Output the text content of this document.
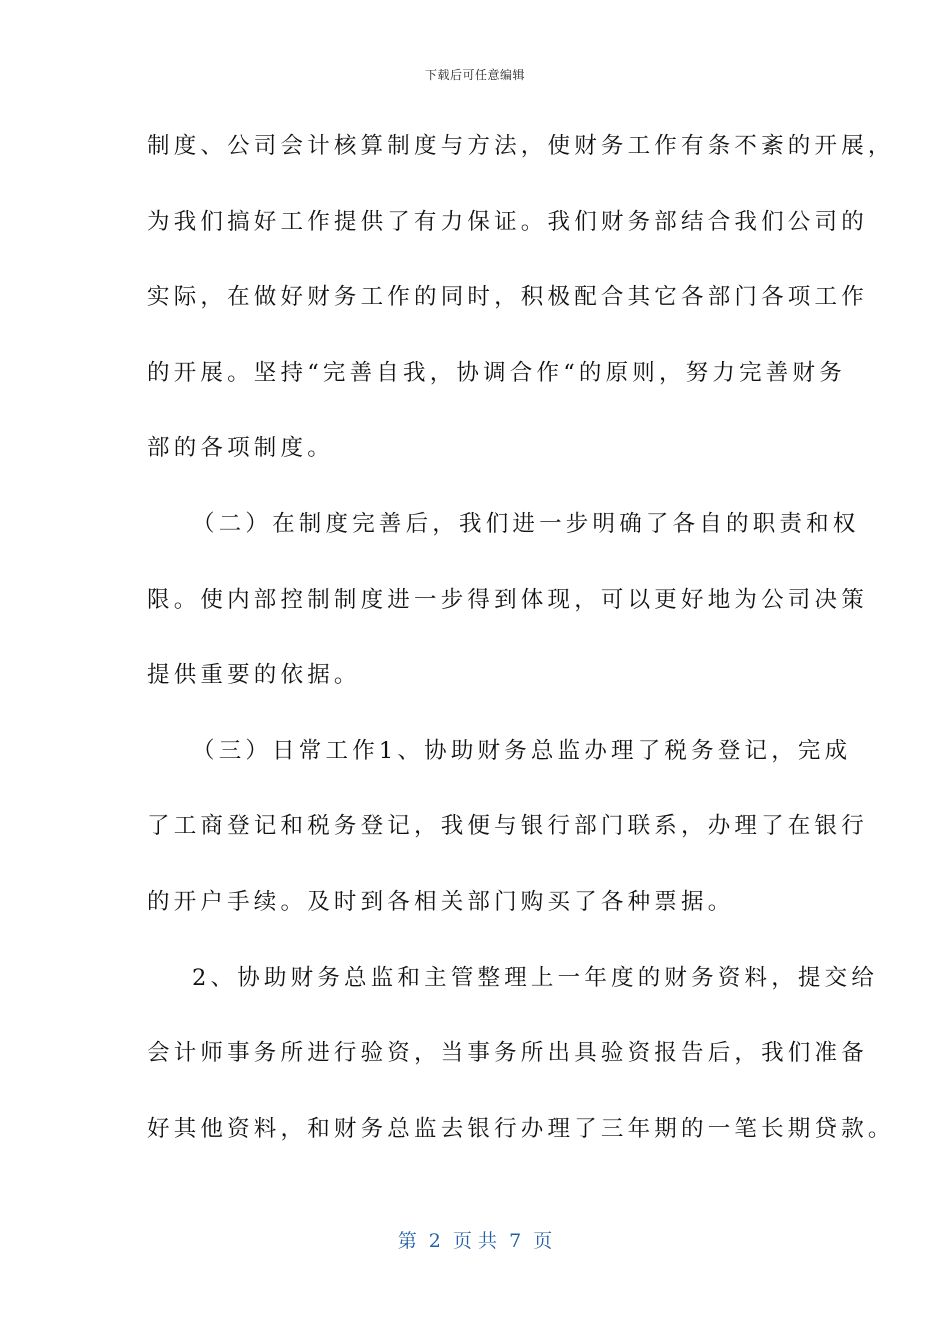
下载后可任意编辑
制度、公司会计核算制度与方法，使财务工作有条不紊的开展，
为我们搞好工作提供了有力保证。我们财务部结合我们公司的
实际，在做好财务工作的同时，积极配合其它各部门各项工作
的开展。坚持“完善自我，协调合作“的原则，努力完善财务
部的各项制度。
（二）在制度完善后，我们进一步明确了各自的职责和权
限。使内部控制制度进一步得到体现，可以更好地为公司决策
提供重要的依据。
（三）日常工作1、协助财务总监办理了税务登记，完成
了工商登记和税务登记，我便与银行部门联系，办理了在银行
的开户手续。及时到各相关部门购买了各种票据。
2、协助财务总监和主管整理上一年度的财务资料，提交给
会计师事务所进行验资，当事务所出具验资报告后，我们准备
好其他资料，和财务总监去银行办理了三年期的一笔长期贷款。
第  2  页 共  7  页
